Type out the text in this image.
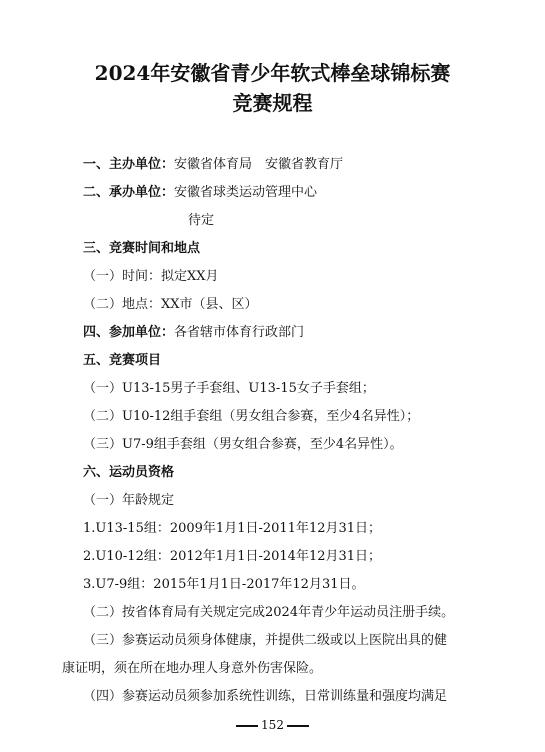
2024年安徽省青少年软式棒垒球锦标赛
竞赛规程
一、主办单位：安徽省体育局　安徽省教育厅
二、承办单位：安徽省球类运动管理中心
待定
三、竞赛时间和地点
（一）时间：拟定XX月
（二）地点：XX市（县、区）
四、参加单位：各省辖市体育行政部门
五、竞赛项目
（一）U13-15男子手套组、U13-15女子手套组；
（二）U10-12组手套组（男女组合参赛，至少4名异性）；
（三）U7-9组手套组（男女组合参赛，至少4名异性）。
六、运动员资格
（一）年龄规定
1.U13-15组：2009年1月1日-2011年12月31日；
2.U10-12组：2012年1月1日-2014年12月31日；
3.U7-9组：2015年1月1日-2017年12月31日。
（二）按省体育局有关规定完成2024年青少年运动员注册手续。
（三）参赛运动员须身体健康，并提供二级或以上医院出具的健
康证明，须在所在地办理人身意外伤害保险。
（四）参赛运动员须参加系统性训练，日常训练量和强度均满足
152
